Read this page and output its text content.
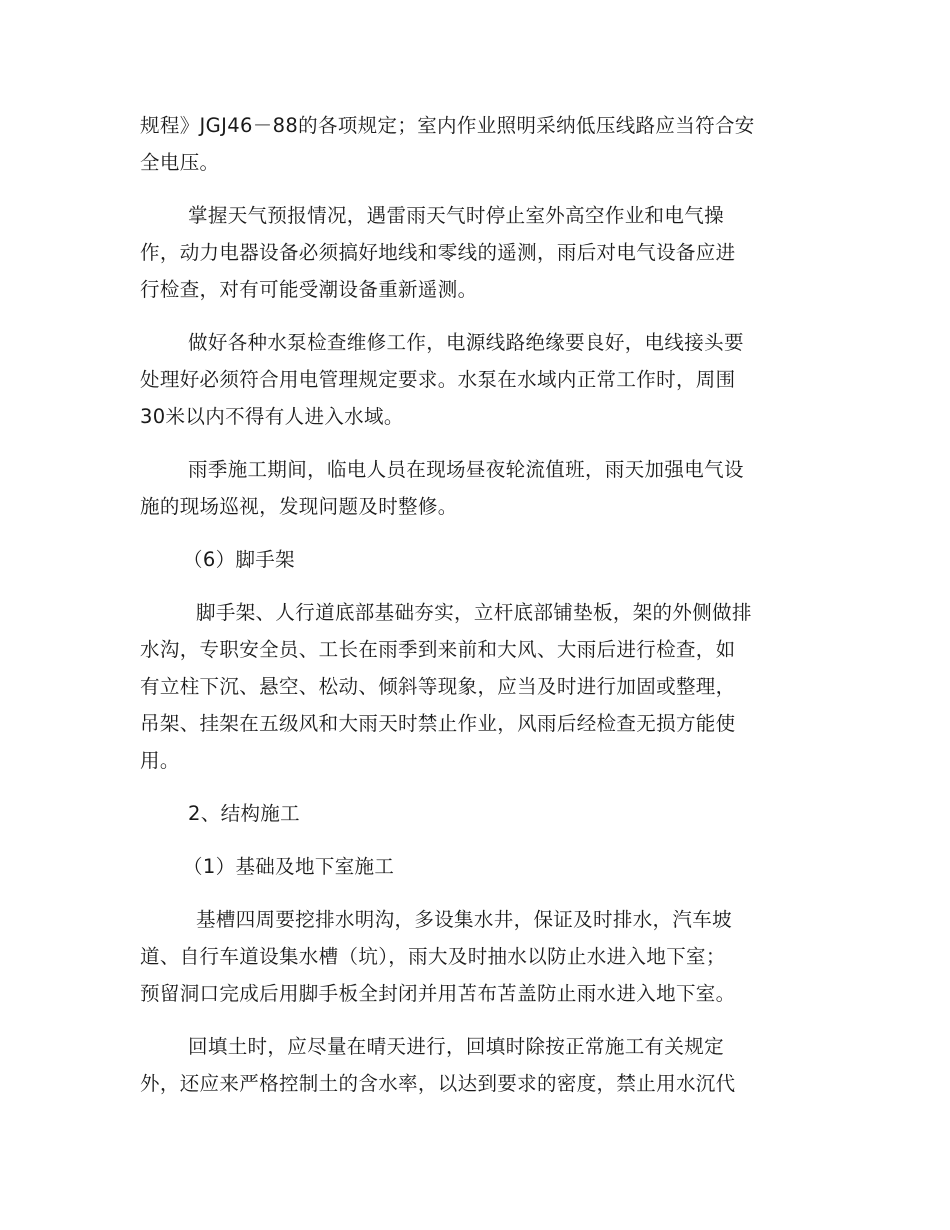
规程》JGJ46－88的各项规定；室内作业照明采纳低压线路应当符合安
全电压。
掌握天气预报情况，遇雷雨天气时停止室外高空作业和电气操
作，动力电器设备必须搞好地线和零线的遥测，雨后对电气设备应进
行检查，对有可能受潮设备重新遥测。
做好各种水泵检查维修工作，电源线路绝缘要良好，电线接头要
处理好必须符合用电管理规定要求。水泵在水域内正常工作时，周围
30米以内不得有人进入水域。
雨季施工期间，临电人员在现场昼夜轮流值班，雨天加强电气设
施的现场巡视，发现问题及时整修。
（6）脚手架
脚手架、人行道底部基础夯实，立杆底部铺垫板，架的外侧做排
水沟，专职安全员、工长在雨季到来前和大风、大雨后进行检查，如
有立柱下沉、悬空、松动、倾斜等现象，应当及时进行加固或整理，
吊架、挂架在五级风和大雨天时禁止作业，风雨后经检查无损方能使
用。
2、结构施工
（1）基础及地下室施工
基槽四周要挖排水明沟，多设集水井，保证及时排水，汽车坡
道、自行车道设集水槽（坑），雨大及时抽水以防止水进入地下室；
预留洞口完成后用脚手板全封闭并用苫布苫盖防止雨水进入地下室。
回填土时，应尽量在晴天进行，回填时除按正常施工有关规定
外，还应来严格控制土的含水率，以达到要求的密度，禁止用水沉代
